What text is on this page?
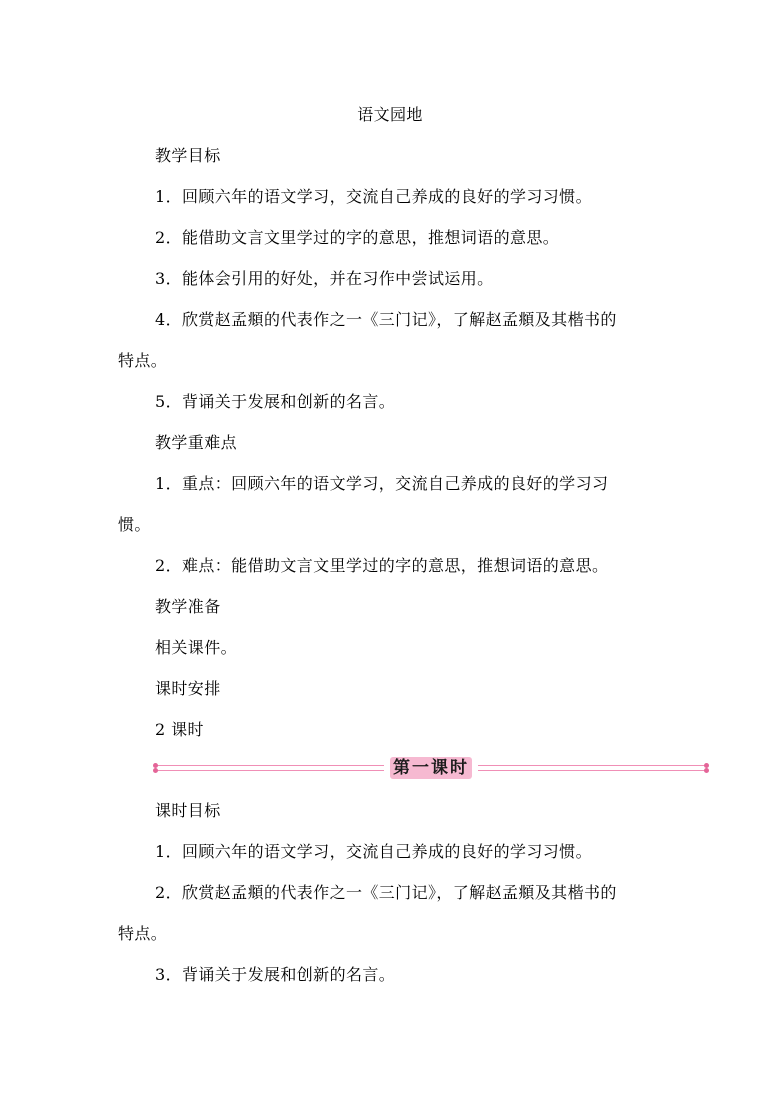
语文园地
教学目标
1．回顾六年的语文学习，交流自己养成的良好的学习习惯。
2．能借助文言文里学过的字的意思，推想词语的意思。
3．能体会引用的好处，并在习作中尝试运用。
4．欣赏赵孟頫的代表作之一《三门记》，了解赵孟頫及其楷书的
特点。
5．背诵关于发展和创新的名言。
教学重难点
1．重点：回顾六年的语文学习，交流自己养成的良好的学习习
惯。
2．难点：能借助文言文里学过的字的意思，推想词语的意思。
教学准备
相关课件。
课时安排
2 课时
第一课时
课时目标
1．回顾六年的语文学习，交流自己养成的良好的学习习惯。
2．欣赏赵孟頫的代表作之一《三门记》，了解赵孟頫及其楷书的
特点。
3．背诵关于发展和创新的名言。
